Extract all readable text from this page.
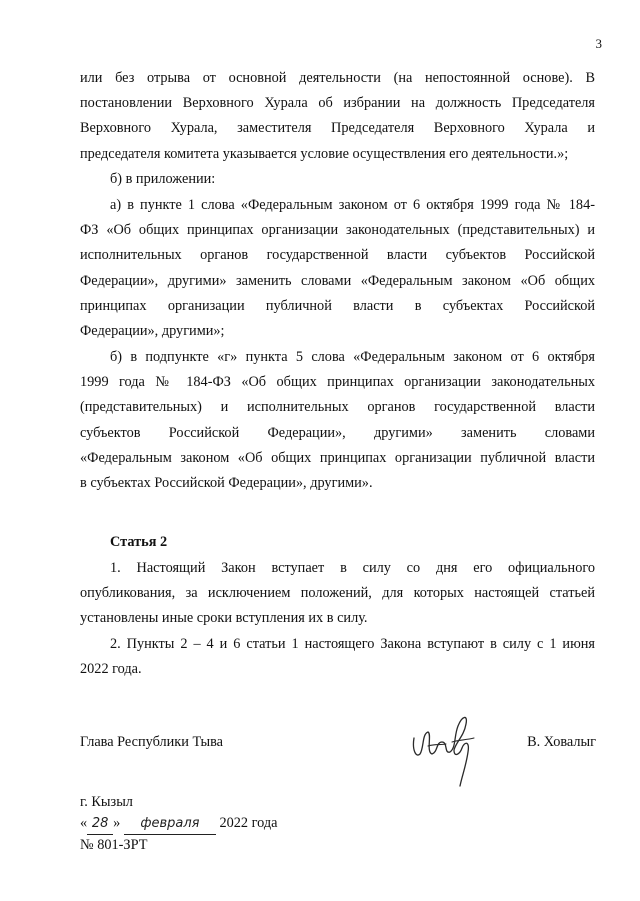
3
или без отрыва от основной деятельности (на непостоянной основе). В
постановлении Верховного Хурала об избрании на должность Председателя
Верховного Хурала, заместителя Председателя Верховного Хурала и
председателя комитета указывается условие осуществления его деятельности.»;
б) в приложении:
а) в пункте 1 слова «Федеральным законом от 6 октября 1999 года № 184-
ФЗ «Об общих принципах организации законодательных (представительных) и
исполнительных органов государственной власти субъектов Российской
Федерации», другими» заменить словами «Федеральным законом «Об общих
принципах организации публичной власти в субъектах Российской
Федерации», другими»;
б) в подпункте «г» пункта 5 слова «Федеральным законом от 6 октября
1999 года № 184-ФЗ «Об общих принципах организации законодательных
(представительных) и исполнительных органов государственной власти
субъектов Российской Федерации», другими» заменить словами
«Федеральным законом «Об общих принципах организации публичной власти
в субъектах Российской Федерации», другими».
Статья 2
1. Настоящий Закон вступает в силу со дня его официального
опубликования, за исключением положений, для которых настоящей статьей
установлены иные сроки вступления их в силу.
2. Пункты 2 – 4 и 6 статьи 1 настоящего Закона вступают в силу с 1 июня
2022 года.
Глава Республики Тыва	В. Ховалыг
г. Кызыл
« 28 » февраля 2022 года
№ 801-ЗРТ
